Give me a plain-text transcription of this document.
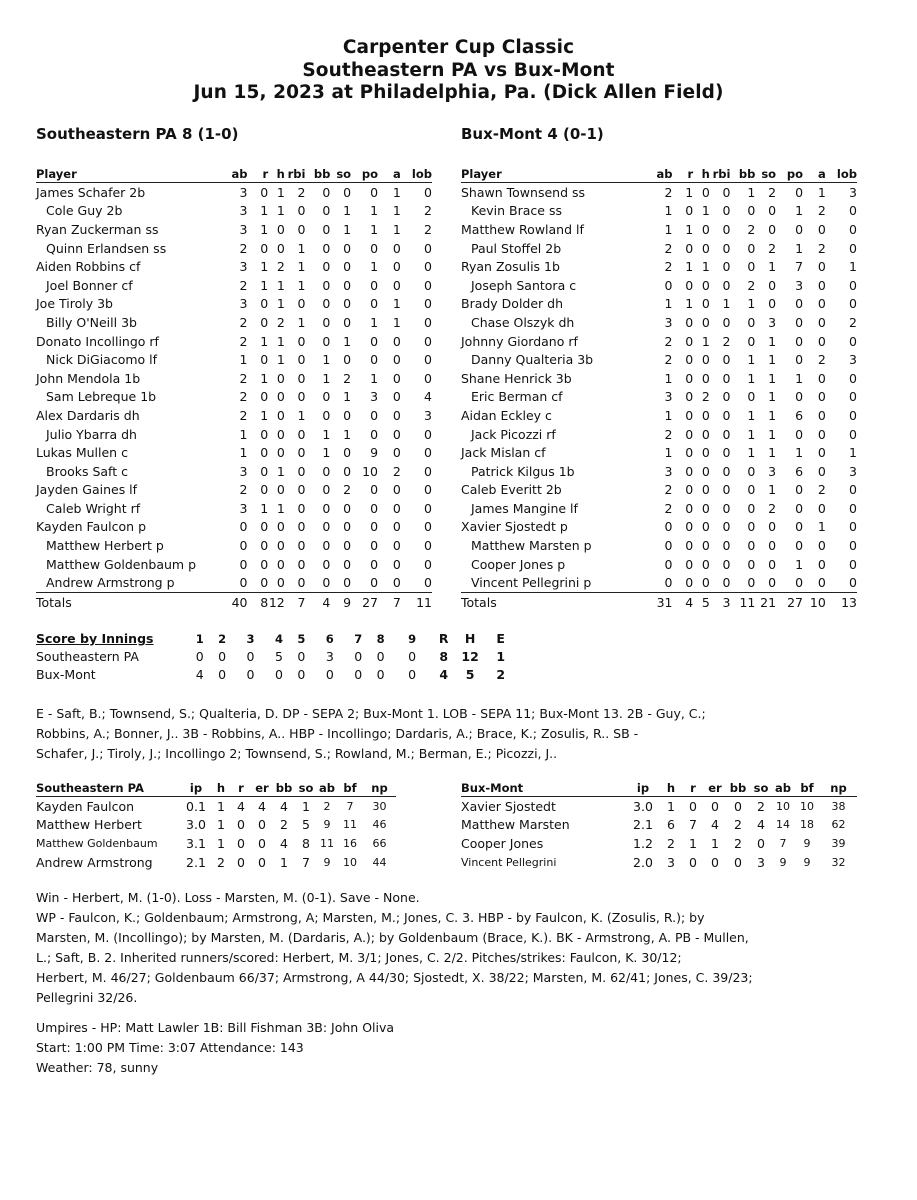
Carpenter Cup Classic
Southeastern PA vs Bux-Mont
Jun 15, 2023 at Philadelphia, Pa. (Dick Allen Field)
Southeastern PA 8 (1-0)	Bux-Mont 4 (0-1)
Player	ab	r	h	rbi	bb	so	po	a	lob
James Schafer 2b	3	0	1	2	0	0	0	1	0
Cole Guy 2b	3	1	1	0	0	1	1	1	2
Ryan Zuckerman ss	3	1	0	0	0	1	1	1	2
Quinn Erlandsen ss	2	0	0	1	0	0	0	0	0
Aiden Robbins cf	3	1	2	1	0	0	1	0	0
Joel Bonner cf	2	1	1	1	0	0	0	0	0
Joe Tiroly 3b	3	0	1	0	0	0	0	1	0
Billy O'Neill 3b	2	0	2	1	0	0	1	1	0
Donato Incollingo rf	2	1	1	0	0	1	0	0	0
Nick DiGiacomo lf	1	0	1	0	1	0	0	0	0
John Mendola 1b	2	1	0	0	1	2	1	0	0
Sam Lebreque 1b	2	0	0	0	0	1	3	0	4
Alex Dardaris dh	2	1	0	1	0	0	0	0	3
Julio Ybarra dh	1	0	0	0	1	1	0	0	0
Lukas Mullen c	1	0	0	0	1	0	9	0	0
Brooks Saft c	3	0	1	0	0	0	10	2	0
Jayden Gaines lf	2	0	0	0	0	2	0	0	0
Caleb Wright rf	3	1	1	0	0	0	0	0	0
Kayden Faulcon p	0	0	0	0	0	0	0	0	0
Matthew Herbert p	0	0	0	0	0	0	0	0	0
Matthew Goldenbaum p	0	0	0	0	0	0	0	0	0
Andrew Armstrong p	0	0	0	0	0	0	0	0	0
Totals	40	8	12	7	4	9	27	7	11
Player	ab	r	h	rbi	bb	so	po	a	lob
Shawn Townsend ss	2	1	0	0	1	2	0	1	3
Kevin Brace ss	1	0	1	0	0	0	1	2	0
Matthew Rowland lf	1	1	0	0	2	0	0	0	0
Paul Stoffel 2b	2	0	0	0	0	2	1	2	0
Ryan Zosulis 1b	2	1	1	0	0	1	7	0	1
Joseph Santora c	0	0	0	0	2	0	3	0	0
Brady Dolder dh	1	1	0	1	1	0	0	0	0
Chase Olszyk dh	3	0	0	0	0	3	0	0	2
Johnny Giordano rf	2	0	1	2	0	1	0	0	0
Danny Qualteria 3b	2	0	0	0	1	1	0	2	3
Shane Henrick 3b	1	0	0	0	1	1	1	0	0
Eric Berman cf	3	0	2	0	0	1	0	0	0
Aidan Eckley c	1	0	0	0	1	1	6	0	0
Jack Picozzi rf	2	0	0	0	1	1	0	0	0
Jack Mislan cf	1	0	0	0	1	1	1	0	1
Patrick Kilgus 1b	3	0	0	0	0	3	6	0	3
Caleb Everitt 2b	2	0	0	0	0	1	0	2	0
James Mangine lf	2	0	0	0	0	2	0	0	0
Xavier Sjostedt p	0	0	0	0	0	0	0	1	0
Matthew Marsten p	0	0	0	0	0	0	0	0	0
Cooper Jones p	0	0	0	0	0	0	1	0	0
Vincent Pellegrini p	0	0	0	0	0	0	0	0	0
Totals	31	4	5	3	11	21	27	10	13
Score by Innings	1	2	3	4	5	6	7	8	9	R	H	E
Southeastern PA	0	0	0	5	0	3	0	0	0	8	12	1
Bux-Mont	4	0	0	0	0	0	0	0	0	4	5	2

E - Saft, B.; Townsend, S.; Qualteria, D. DP - SEPA 2; Bux-Mont 1. LOB - SEPA 11; Bux-Mont 13. 2B - Guy, C.;

Robbins, A.; Bonner, J.. 3B - Robbins, A.. HBP - Incollingo; Dardaris, A.; Brace, K.; Zosulis, R.. SB -

Schafer, J.; Tiroly, J.; Incollingo 2; Townsend, S.; Rowland, M.; Berman, E.; Picozzi, J..

Southeastern PA	ip	h	r	er	bb	so	ab	bf	np
Kayden Faulcon	0.1	1	4	4	4	1	2	7	30
Matthew Herbert	3.0	1	0	0	2	5	9	11	46
Matthew Goldenbaum	3.1	1	0	0	4	8	11	16	66
Andrew Armstrong	2.1	2	0	0	1	7	9	10	44
Bux-Mont	ip	h	r	er	bb	so	ab	bf	np
Xavier Sjostedt	3.0	1	0	0	0	2	10	10	38
Matthew Marsten	2.1	6	7	4	2	4	14	18	62
Cooper Jones	1.2	2	1	1	2	0	7	9	39
Vincent Pellegrini	2.0	3	0	0	0	3	9	9	32

Win - Herbert, M. (1-0). Loss - Marsten, M. (0-1). Save - None.

WP - Faulcon, K.; Goldenbaum; Armstrong, A; Marsten, M.; Jones, C. 3. HBP - by Faulcon, K. (Zosulis, R.); by

Marsten, M. (Incollingo); by Marsten, M. (Dardaris, A.); by Goldenbaum (Brace, K.). BK - Armstrong, A. PB - Mullen,

L.; Saft, B. 2. Inherited runners/scored: Herbert, M. 3/1; Jones, C. 2/2. Pitches/strikes: Faulcon, K. 30/12;

Herbert, M. 46/27; Goldenbaum 66/37; Armstrong, A 44/30; Sjostedt, X. 38/22; Marsten, M. 62/41; Jones, C. 39/23;

Pellegrini 32/26.

Umpires - HP: Matt Lawler 1B: Bill Fishman 3B: John Oliva

Start: 1:00 PM Time: 3:07 Attendance: 143

Weather: 78, sunny
